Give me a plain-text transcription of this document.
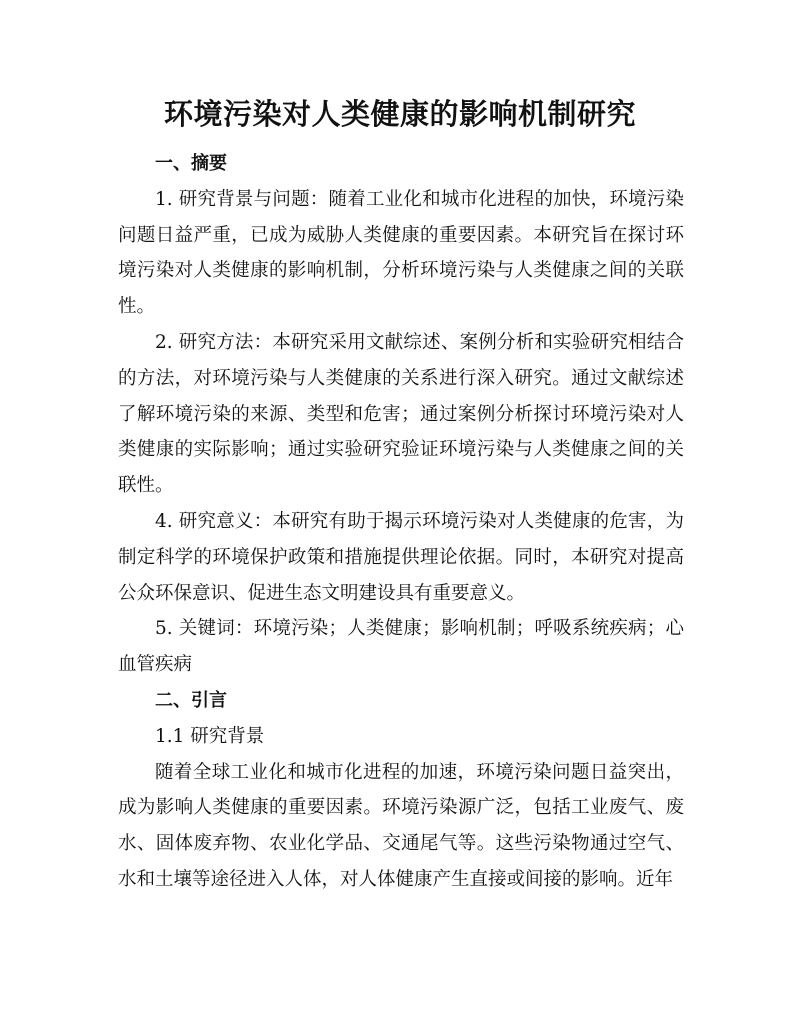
环境污染对人类健康的影响机制研究

一、摘要

1. 研究背景与问题：随着工业化和城市化进程的加快，环境污染问题日益严重，已成为威胁人类健康的重要因素。本研究旨在探讨环境污染对人类健康的影响机制，分析环境污染与人类健康之间的关联性。

2. 研究方法：本研究采用文献综述、案例分析和实验研究相结合的方法，对环境污染与人类健康的关系进行深入研究。通过文献综述了解环境污染的来源、类型和危害；通过案例分析探讨环境污染对人类健康的实际影响；通过实验研究验证环境污染与人类健康之间的关联性。

4. 研究意义：本研究有助于揭示环境污染对人类健康的危害，为制定科学的环境保护政策和措施提供理论依据。同时，本研究对提高公众环保意识、促进生态文明建设具有重要意义。

5. 关键词：环境污染；人类健康；影响机制；呼吸系统疾病；心血管疾病

二、引言

1.1 研究背景

随着全球工业化和城市化进程的加速，环境污染问题日益突出，成为影响人类健康的重要因素。环境污染源广泛，包括工业废气、废水、固体废弃物、农业化学品、交通尾气等。这些污染物通过空气、水和土壤等途径进入人体，对人体健康产生直接或间接的影响。近年
